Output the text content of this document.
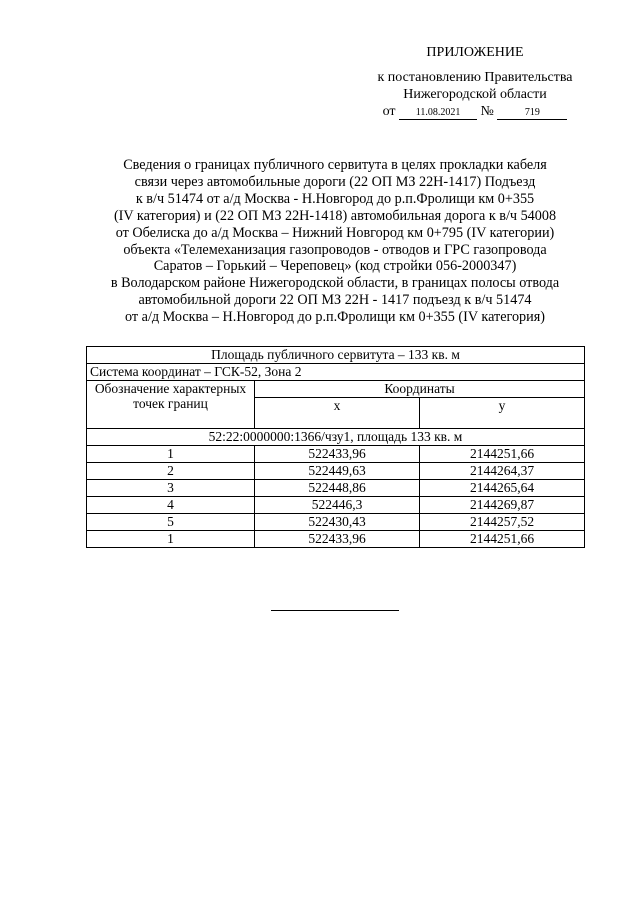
ПРИЛОЖЕНИЕ
к постановлению Правительства
Нижегородской области
от 11.08.2021 №	719
Сведения о границах публичного сервитута в целях прокладки кабеля
связи через автомобильные дороги (22 ОП МЗ 22Н-1417) Подъезд
к в/ч 51474 от а/д Москва - Н.Новгород до р.п.Фролищи км 0+355
(IV категория) и (22 ОП МЗ 22Н-1418) автомобильная дорога к в/ч 54008
от Обелиска до а/д Москва – Нижний Новгород км 0+795 (IV категории)
объекта «Телемеханизация газопроводов - отводов и ГРС газопровода
Саратов – Горький – Череповец» (код стройки 056-2000347)
в Володарском районе Нижегородской области, в границах полосы отвода
автомобильной дороги 22 ОП МЗ 22Н - 1417 подъезд к в/ч 51474
от а/д Москва – Н.Новгород до р.п.Фролищи км 0+355 (IV категория)
Площадь публичного сервитута – 133 кв. м		
Система координат – ГСК-52, Зона 2		
Обозначение характерных точек границ	Координаты	
	х	у
52:22:0000000:1366/чзу1, площадь 133 кв. м		
1	522433,96	2144251,66
2	522449,63	2144264,37
3	522448,86	2144265,64
4	522446,3	2144269,87
5	522430,43	2144257,52
1	522433,96	2144251,66
